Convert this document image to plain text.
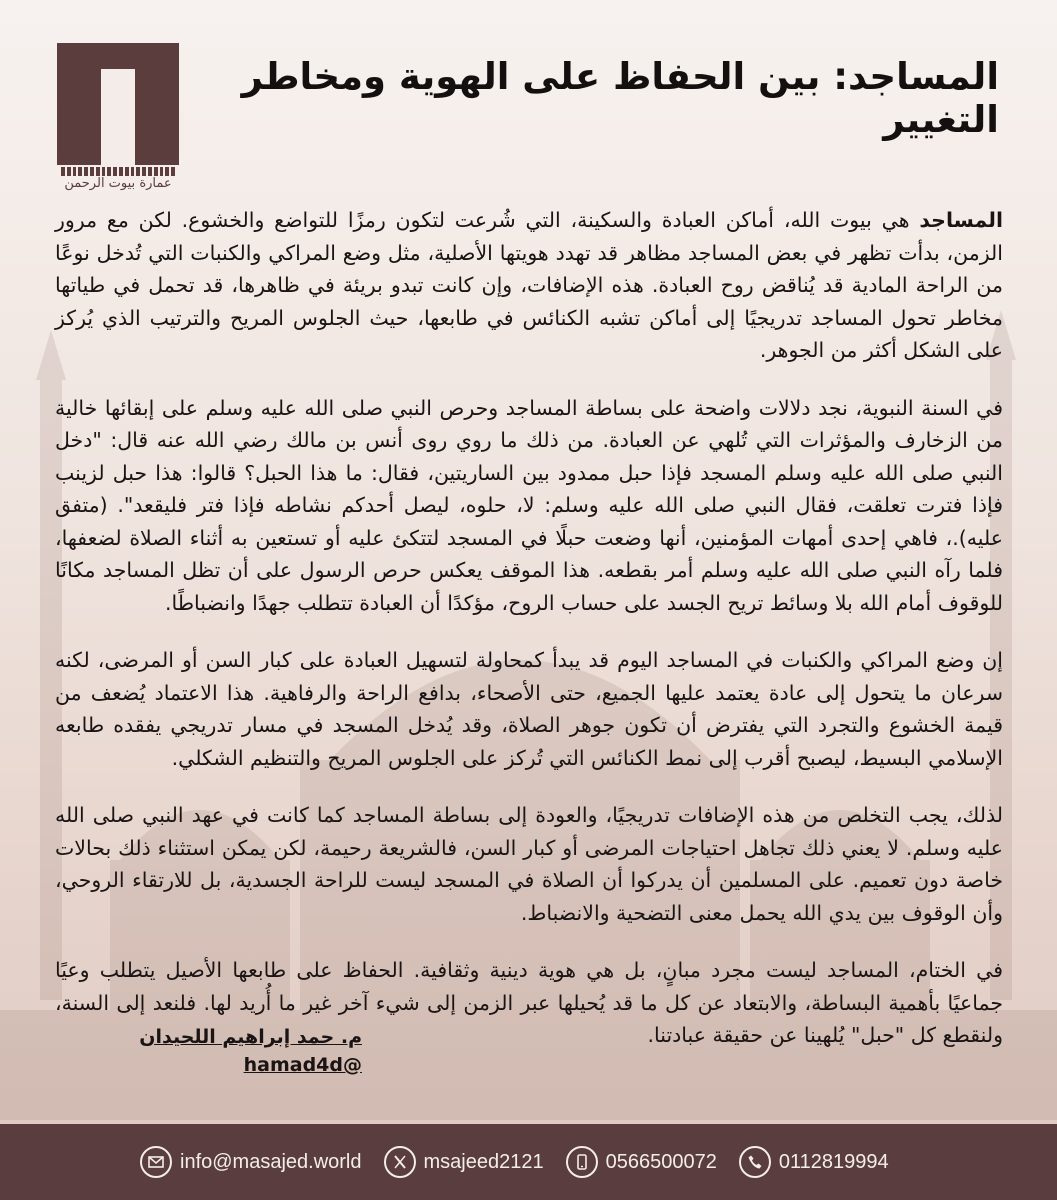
عمارة بيوت الرحمن
المساجد: بين الحفاظ على الهوية ومخاطر التغيير

المساجد هي بيوت الله، أماكن العبادة والسكينة، التي شُرعت لتكون رمزًا للتواضع والخشوع. لكن مع مرور الزمن، بدأت تظهر في بعض المساجد مظاهر قد تهدد هويتها الأصلية، مثل وضع المراكي والكنبات التي تُدخل نوعًا من الراحة المادية قد يُناقض روح العبادة. هذه الإضافات، وإن كانت تبدو بريئة في ظاهرها، قد تحمل في طياتها مخاطر تحول المساجد تدريجيًا إلى أماكن تشبه الكنائس في طابعها، حيث الجلوس المريح والترتيب الذي يُركز على الشكل أكثر من الجوهر.

في السنة النبوية، نجد دلالات واضحة على بساطة المساجد وحرص النبي صلى الله عليه وسلم على إبقائها خالية من الزخارف والمؤثرات التي تُلهي عن العبادة. من ذلك ما روي روى أنس بن مالك رضي الله عنه قال: "دخل النبي صلى الله عليه وسلم المسجد فإذا حبل ممدود بين الساريتين، فقال: ما هذا الحبل؟ قالوا: هذا حبل لزينب فإذا فترت تعلقت، فقال النبي صلى الله عليه وسلم: لا، حلوه، ليصل أحدكم نشاطه فإذا فتر فليقعد". (متفق عليه).، فاهي إحدى أمهات المؤمنين، أنها وضعت حبلًا في المسجد لتتكئ عليه أو تستعين به أثناء الصلاة لضعفها، فلما رآه النبي صلى الله عليه وسلم أمر بقطعه. هذا الموقف يعكس حرص الرسول على أن تظل المساجد مكانًا للوقوف أمام الله بلا وسائط تريح الجسد على حساب الروح، مؤكدًا أن العبادة تتطلب جهدًا وانضباطًا.

إن وضع المراكي والكنبات في المساجد اليوم قد يبدأ كمحاولة لتسهيل العبادة على كبار السن أو المرضى، لكنه سرعان ما يتحول إلى عادة يعتمد عليها الجميع، حتى الأصحاء، بدافع الراحة والرفاهية. هذا الاعتماد يُضعف من قيمة الخشوع والتجرد التي يفترض أن تكون جوهر الصلاة، وقد يُدخل المسجد في مسار تدريجي يفقده طابعه الإسلامي البسيط، ليصبح أقرب إلى نمط الكنائس التي تُركز على الجلوس المريح والتنظيم الشكلي.

لذلك، يجب التخلص من هذه الإضافات تدريجيًا، والعودة إلى بساطة المساجد كما كانت في عهد النبي صلى الله عليه وسلم. لا يعني ذلك تجاهل احتياجات المرضى أو كبار السن، فالشريعة رحيمة، لكن يمكن استثناء ذلك بحالات خاصة دون تعميم. على المسلمين أن يدركوا أن الصلاة في المسجد ليست للراحة الجسدية، بل للارتقاء الروحي، وأن الوقوف بين يدي الله يحمل معنى التضحية والانضباط.

في الختام، المساجد ليست مجرد مبانٍ، بل هي هوية دينية وثقافية. الحفاظ على طابعها الأصيل يتطلب وعيًا جماعيًا بأهمية البساطة، والابتعاد عن كل ما قد يُحيلها عبر الزمن إلى شيء آخر غير ما أُريد لها. فلنعد إلى السنة، ولنقطع كل "حبل" يُلهينا عن حقيقة عبادتنا.

م. حمد إبراهيم اللحيدان
hamad4d@
info@masajed.world	msajeed2121	0566500072	0112819994
